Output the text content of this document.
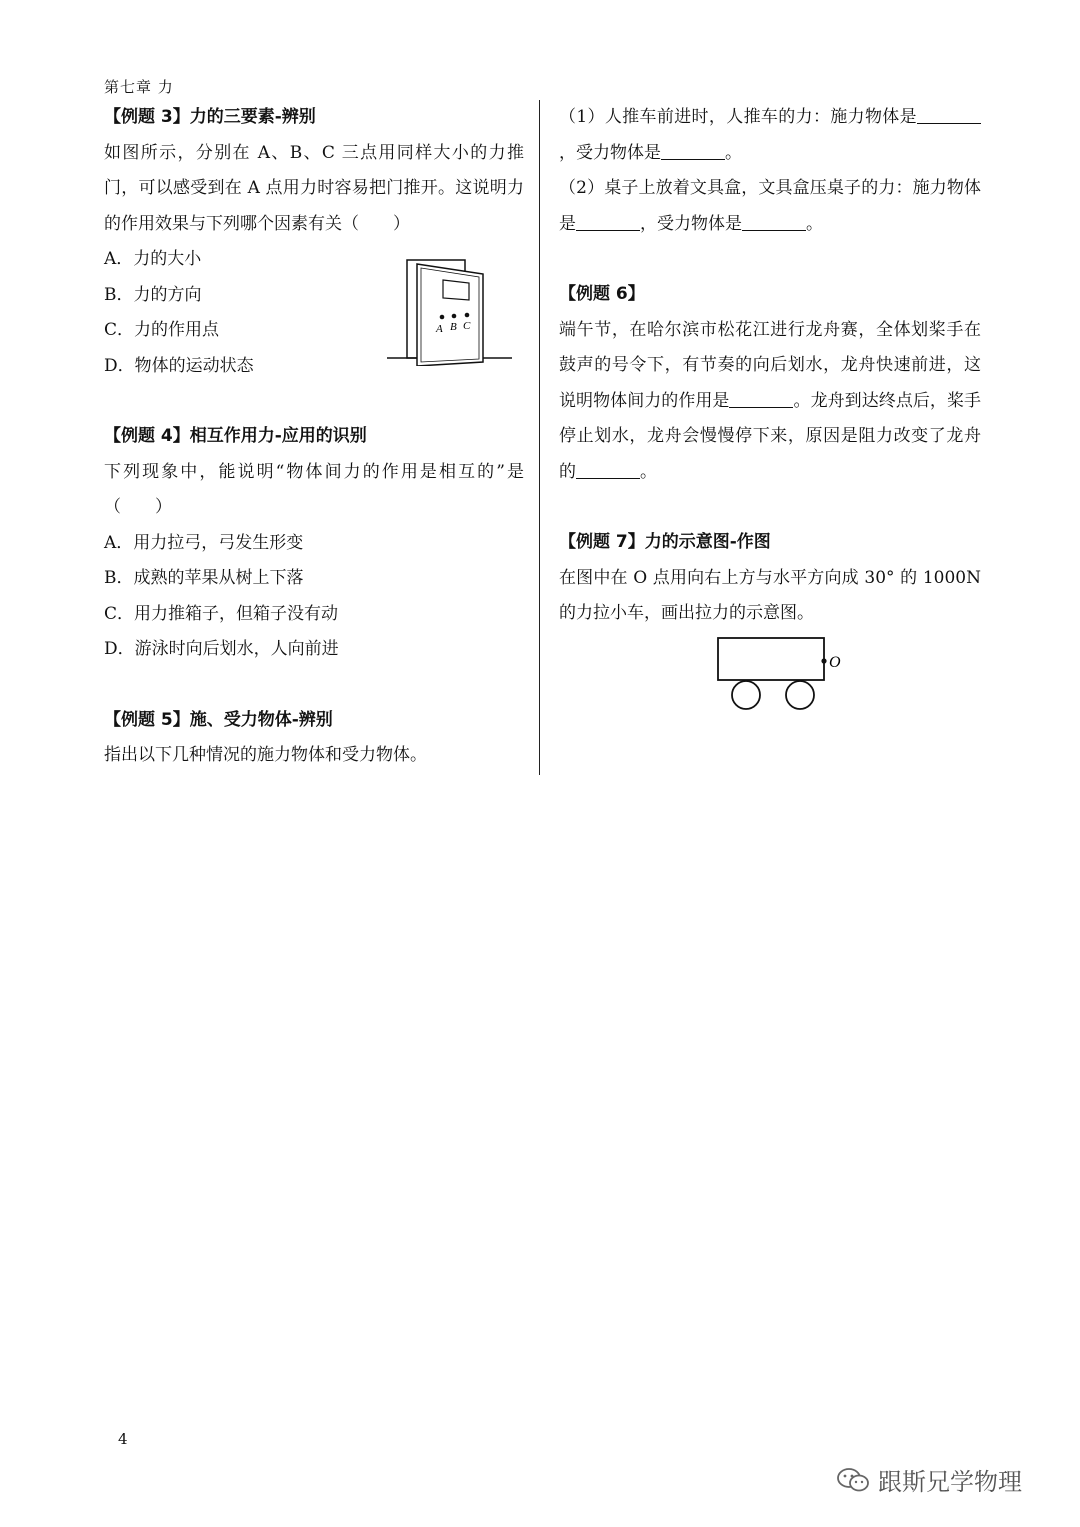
第七章 力
【例题 3】力的三要素-辨别
如图所示，分别在 A、B、C 三点用同样大小的力推门，可以感受到在 A 点用力时容易把门推开。这说明力的作用效果与下列哪个因素有关（　　）
A．力的大小
B．力的方向
C．力的作用点
D．物体的运动状态
【例题 4】相互作用力-应用的识别
下列现象中，能说明“物体间力的作用是相互的”是（　　）
A．用力拉弓，弓发生形变
B．成熟的苹果从树上下落
C．用力推箱子，但箱子没有动
D．游泳时向后划水，人向前进
【例题 5】施、受力物体-辨别
指出以下几种情况的施力物体和受力物体。
A B C
（1）人推车前进时，人推车的力：施力物体是，受力物体是	。
（2）桌子上放着文具盒，文具盒压桌子的力：施力物体是	，受力物体是	。
【例题 6】
端午节，在哈尔滨市松花江进行龙舟赛，全体划桨手在鼓声的号令下，有节奏的向后划水，龙舟快速前进，这说明物体间力的作用是	。龙舟到达终点后，桨手停止划水，龙舟会慢慢停下来，原因是阻力改变了龙舟的	。
【例题 7】力的示意图-作图
在图中在 O 点用向右上方与水平方向成 30° 的 1000N 的力拉小车，画出拉力的示意图。
O
4
跟斯兄学物理
